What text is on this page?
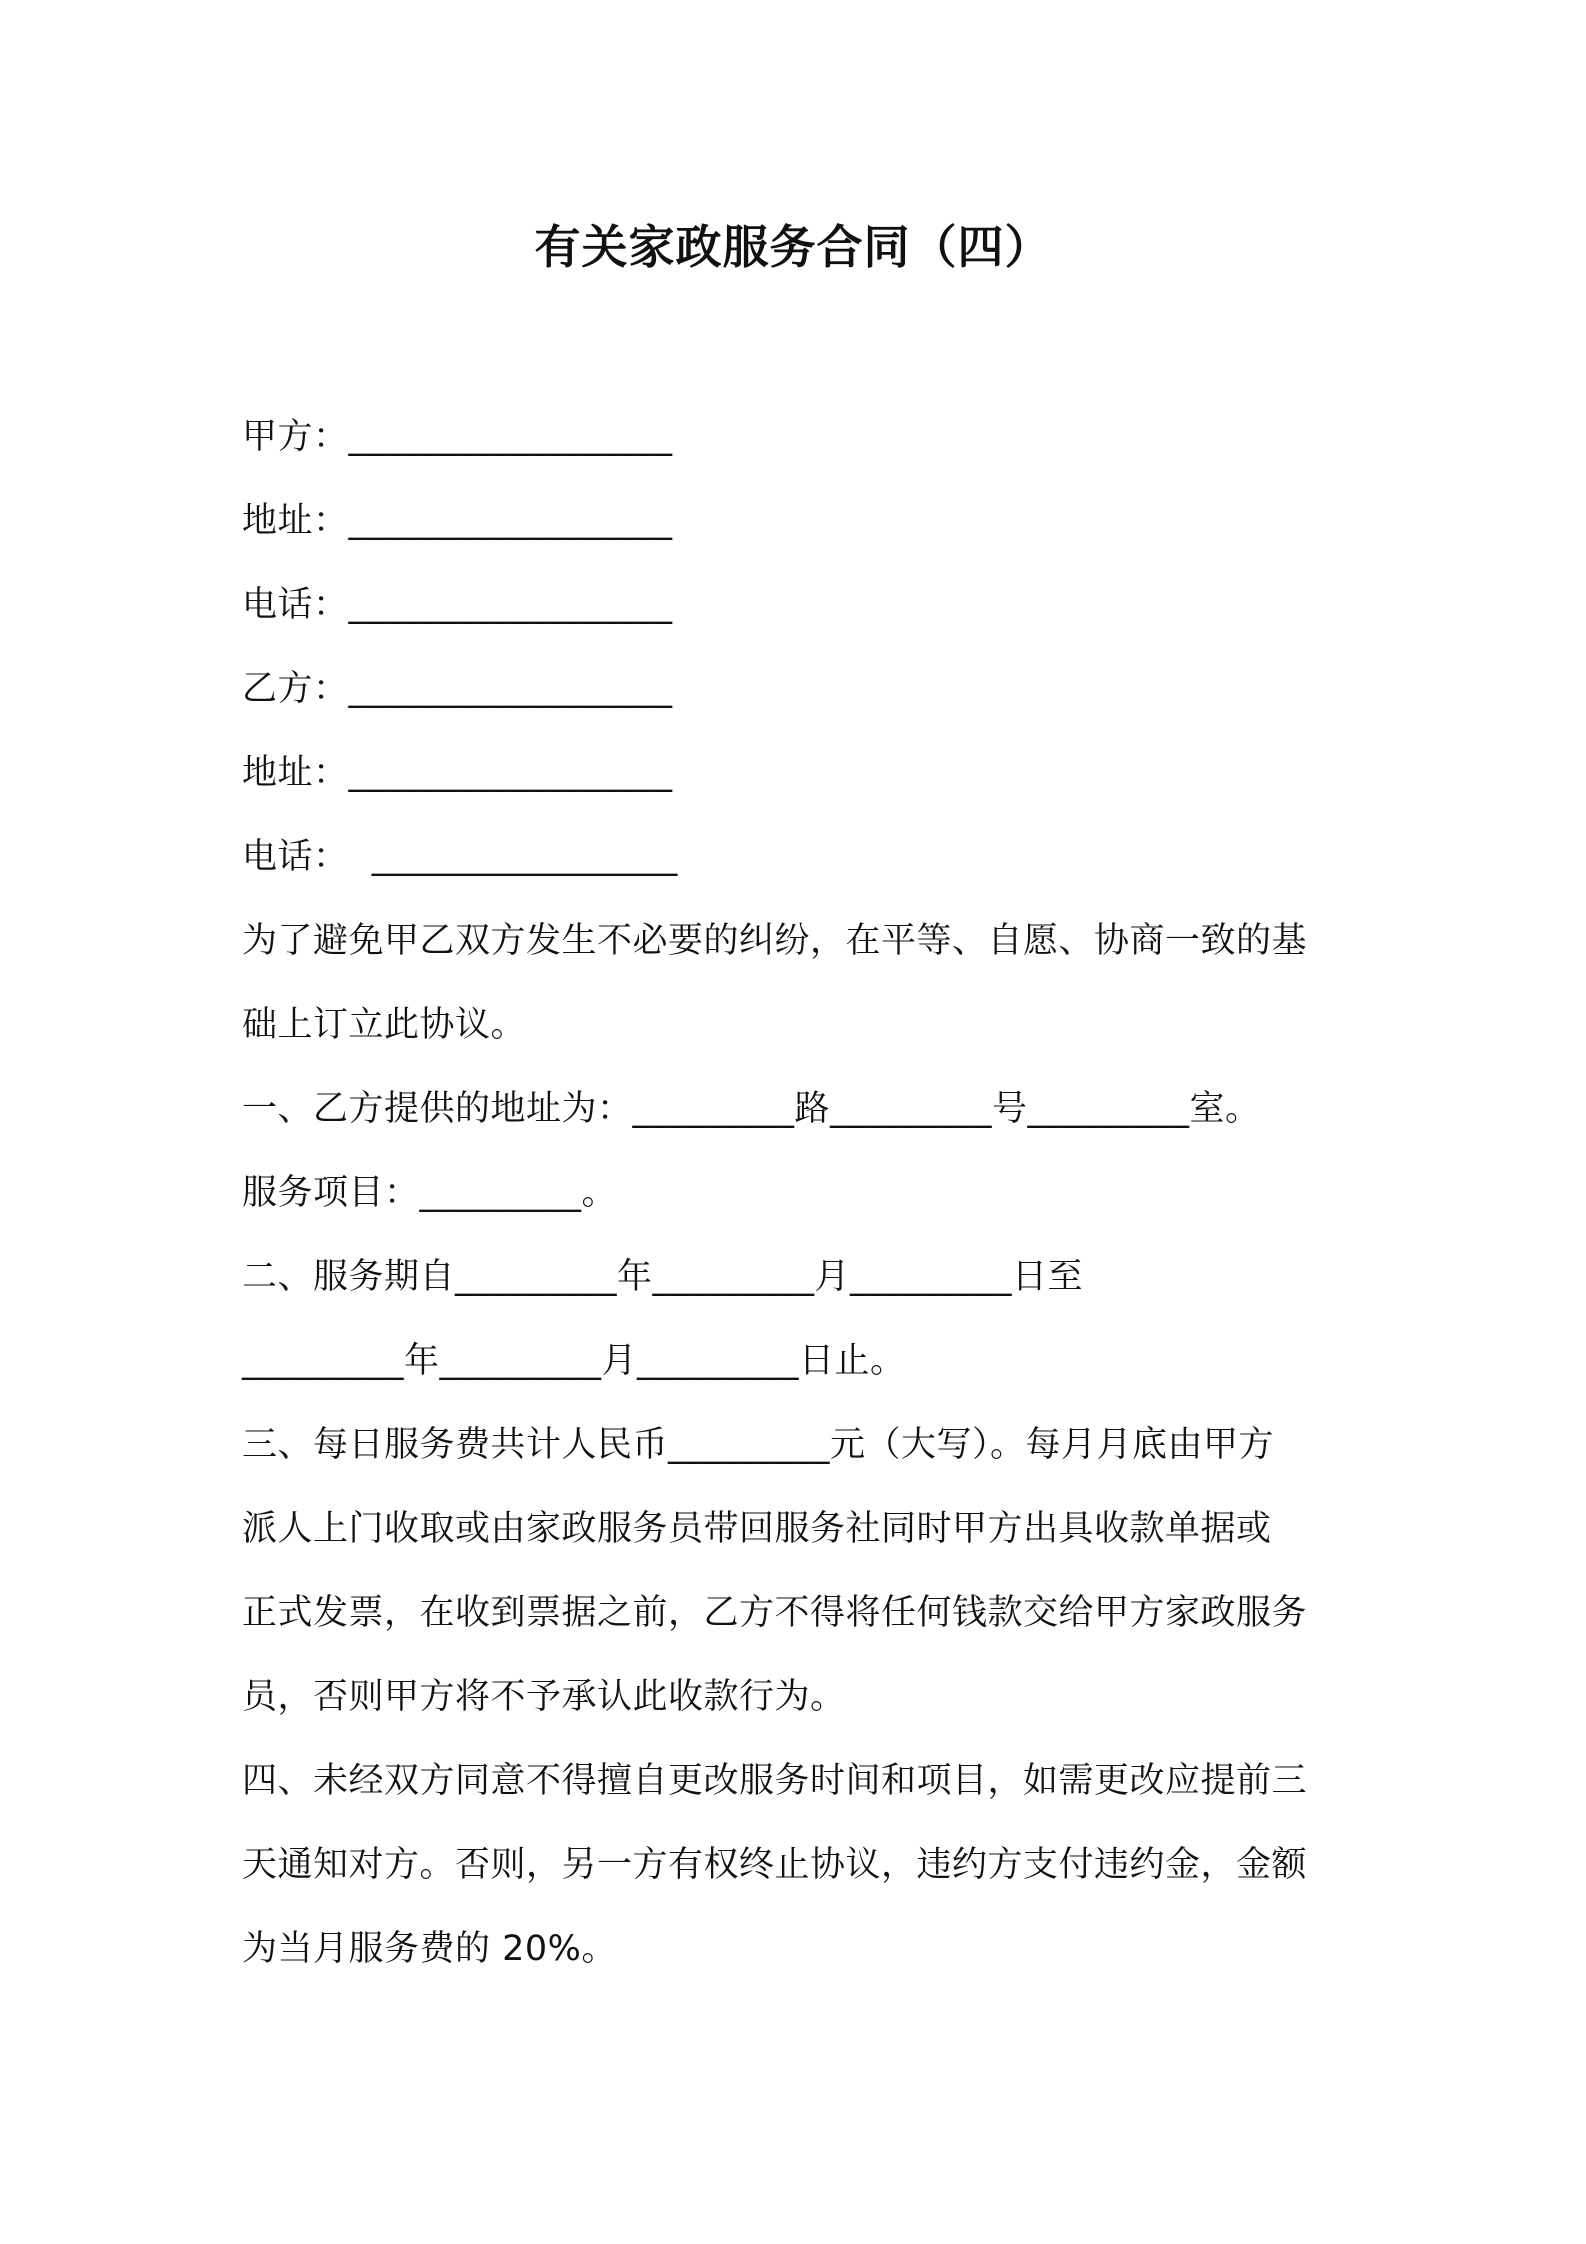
有关家政服务合同（四）
甲方：__________________
地址：__________________
电话：__________________
乙方：__________________
地址：__________________
电话：  _________________
为了避免甲乙双方发生不必要的纠纷，在平等、自愿、协商一致的基
础上订立此协议。
一、乙方提供的地址为：_________路_________号_________室。
服务项目：_________。
二、服务期自_________年_________月_________日至
_________年_________月_________日止。
三、每日服务费共计人民币_________元（大写）。每月月底由甲方
派人上门收取或由家政服务员带回服务社同时甲方出具收款单据或
正式发票，在收到票据之前，乙方不得将任何钱款交给甲方家政服务
员，否则甲方将不予承认此收款行为。
四、未经双方同意不得擅自更改服务时间和项目，如需更改应提前三
天通知对方。否则，另一方有权终止协议，违约方支付违约金，金额
为当月服务费的 20%。
